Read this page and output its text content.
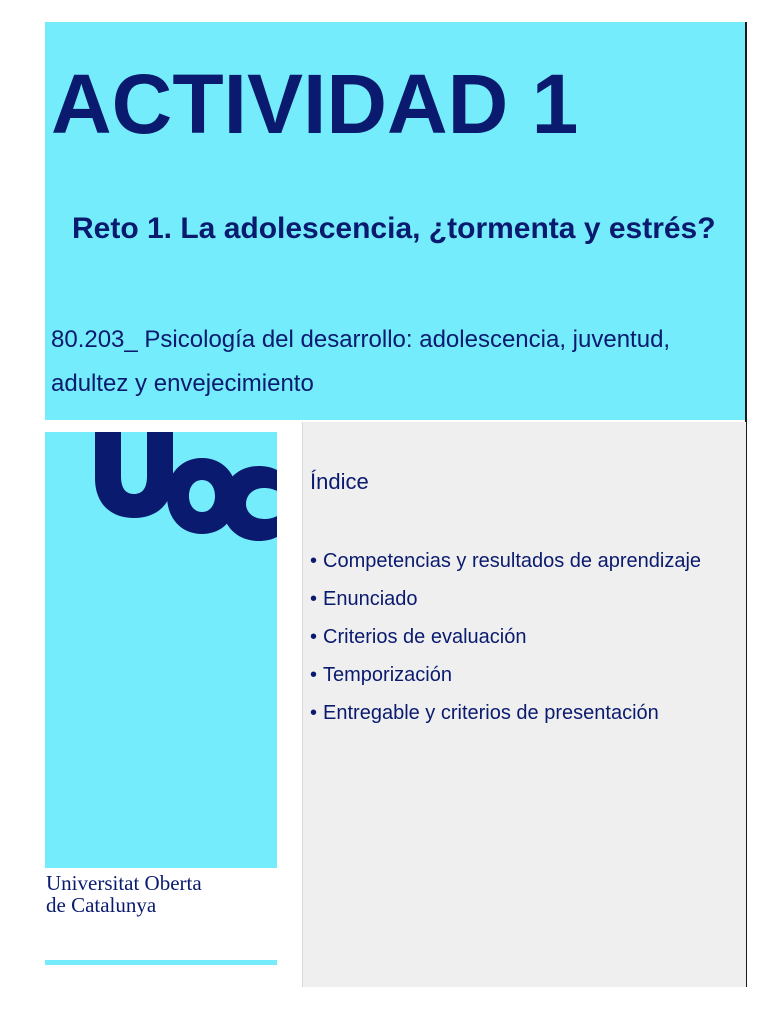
ACTIVIDAD 1

Reto 1. La adolescencia, ¿tormenta y estrés?

80.203_ Psicología del desarrollo: adolescencia, juventud, adultez y envejecimiento

Universitat Oberta
de Catalunya
Índice
• Competencias y resultados de aprendizaje
• Enunciado
• Criterios de evaluación
• Temporización
• Entregable y criterios de presentación
